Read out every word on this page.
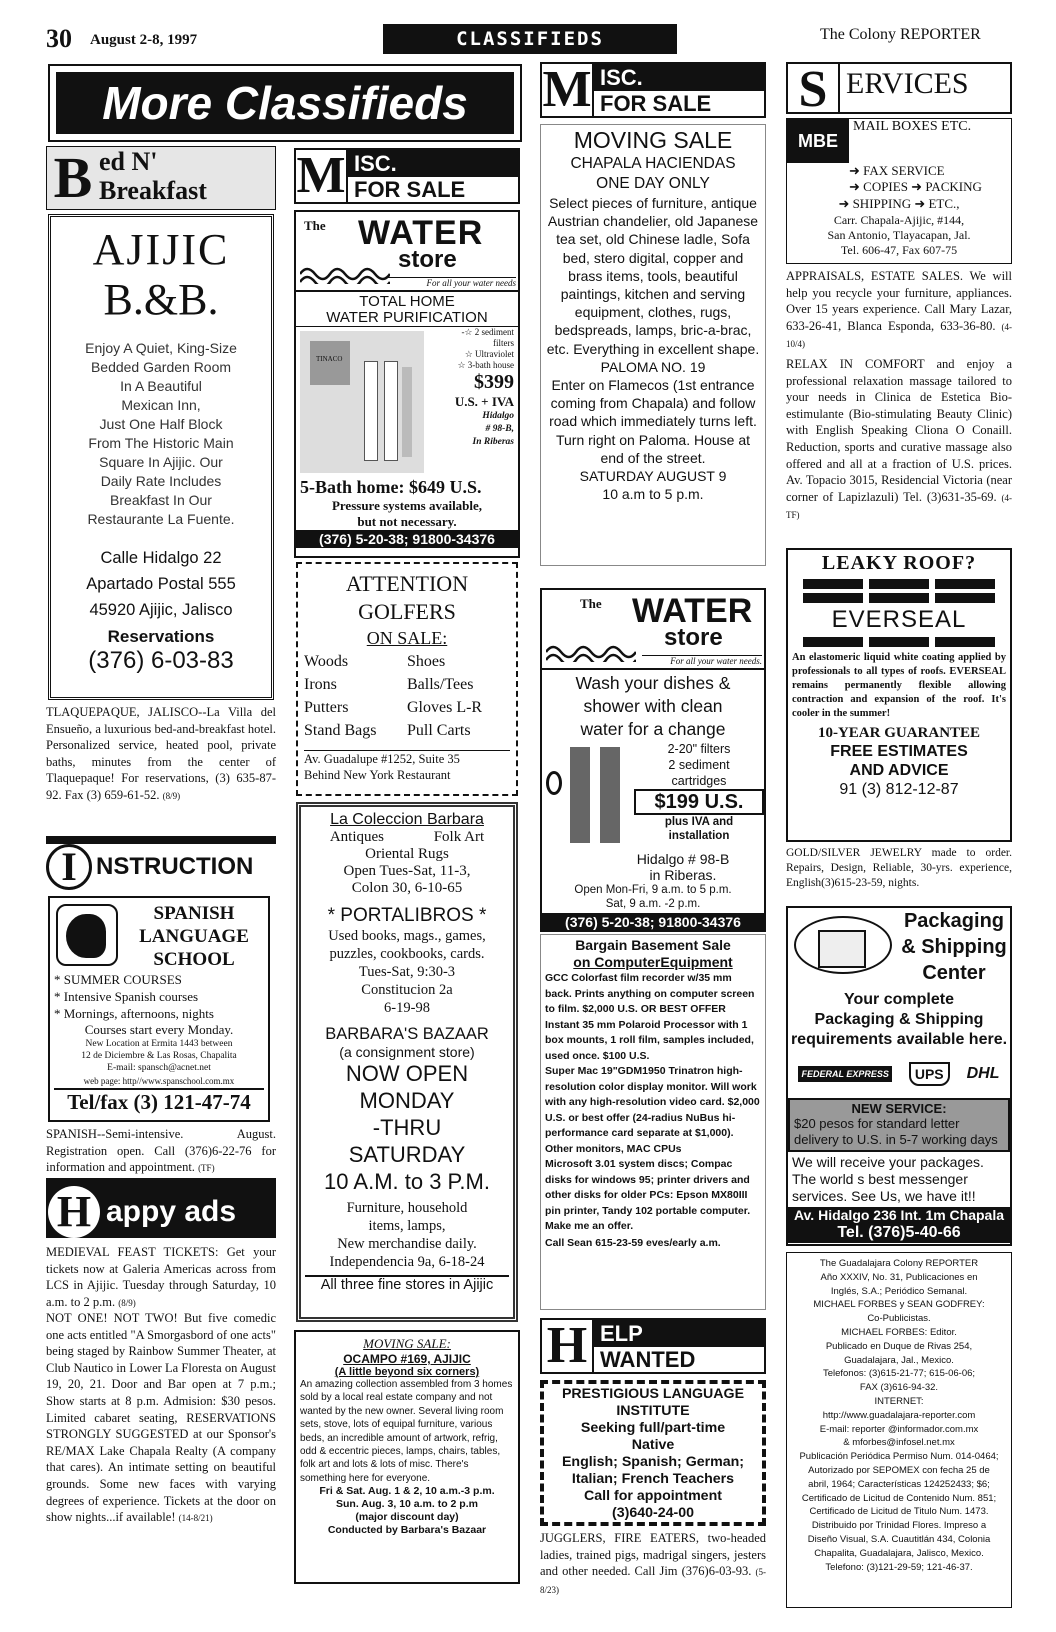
30 August 2-8, 1997	CLASSIFIEDS	The Colony REPORTER
More Classifieds
B ed N'
Breakfast
AJIJIC
B.&B.
Enjoy A Quiet, King-Size
Bedded Garden Room
In A Beautiful
Mexican Inn,
Just One Half Block
From The Historic Main
Square In Ajijic. Our
Daily Rate Includes
Breakfast In Our
Restaurante La Fuente.
Calle Hidalgo 22
Apartado Postal 555
45920 Ajijic, Jalisco
Reservations
(376) 6-03-83
TLAQUEPAQUE, JALISCO--La Villa del Ensueño, a luxurious bed-and-breakfast hotel. Personalized service, heated pool, private baths, minutes from the center of Tlaquepaque! For reservations, (3) 635-87-92. Fax (3) 659-61-52. (8/9)
I NSTRUCTION
SPANISH
LANGUAGE
SCHOOL
* SUMMER COURSES
* Intensive Spanish courses
* Mornings, afternoons, nights
Courses start every Monday.
New Location at Ermita 1443 between
12 de Diciembre & Las Rosas, Chapalita
E-mail: spansch@acnet.net
web page: http//www.spanschool.com.mx
Tel/fax (3) 121-47-74
SPANISH--Semi-intensive. August. Registration open. Call (376)6-22-76 for information and appointment. (TF)
H appy ads
MEDIEVAL FEAST TICKETS: Get your tickets now at Galeria Americas across from LCS in Ajijic. Tuesday through Saturday, 10 a.m. to 2 p.m. (8/9)
NOT ONE! NOT TWO! But five comedic one acts entitled "A Smorgasbord of one acts" being staged by Rainbow Summer Theater, at Club Nautico in Lower La Floresta on August 19, 20, 21. Door and Bar open at 7 p.m.; Show starts at 8 p.m. Admision: $30 pesos. Limited cabaret seating, RESERVATIONS STRONGLY SUGGESTED at our Sponsor's RE/MAX Lake Chapala Realty (A company that cares). An intimate setting on beautiful grounds. Some new faces with varying degrees of experience. Tickets at the door on show nights...if available! (14-8/21)
M ISC.
FOR SALE
The WATER
store
For all your water needs
TOTAL HOME
WATER PURIFICATION
TINACO
-☆ 2 sediment
filters
☆ Ultraviolet
☆ 3-bath house
$399
U.S. + IVA
Hidalgo
# 98-B,
In Riberas
5-Bath home: $649 U.S.
Pressure systems available,
but not necessary.
(376) 5-20-38; 91800-34376
ATTENTION
GOLFERS
ON SALE:
Woods	Shoes
Irons	Balls/Tees
Putters	Gloves L-R
Stand Bags	Pull Carts
Av. Guadalupe #1252, Suite 35
Behind New York Restaurant
La Coleccion Barbara
Antiques	Folk Art
Oriental Rugs
Open Tues-Sat, 11-3,
Colon 30, 6-10-65
* PORTALIBROS *
Used books, mags., games,
puzzles, cookbooks, cards.
Tues-Sat, 9:30-3
Constitucion 2a
6-19-98
BARBARA'S BAZAAR
(a consignment store)
NOW OPEN
MONDAY
-THRU
SATURDAY
10 A.M. to 3 P.M.
Furniture, household
items, lamps,
New merchandise daily.
Independencia 9a, 6-18-24
All three fine stores in Ajijic
MOVING SALE:
OCAMPO #169, AJIJIC
(A little beyond six corners)
An amazing collection assembled from 3 homes sold by a local real estate company and not wanted by the new owner. Several living room sets, stove, lots of equipal furniture, various beds, an incredible amount of artwork, refrig, odd & eccentric pieces, lamps, chairs, tables, folk art and lots & lots of misc. There's something here for everyone.
Fri & Sat. Aug. 1 & 2, 10 a.m.-3 p.m.
Sun. Aug. 3, 10 a.m. to 2 p.m
(major discount day)
Conducted by Barbara's Bazaar
M ISC.
FOR SALE
MOVING SALE
CHAPALA HACIENDAS
ONE DAY ONLY
Select pieces of furniture, antique Austrian chandelier, old Japanese tea set, old Chinese ladle, Sofa bed, stero digital, copper and brass items, tools, beautiful paintings, kitchen and serving equipment, clothes, rugs, bedspreads, lamps, bric-a-brac, etc. Everything in excellent shape.
PALOMA NO. 19
Enter on Flamecos (1st entrance coming from Chapala) and follow road which immediately turns left. Turn right on Paloma. House at end of the street.
SATURDAY AUGUST 9
10 a.m to 5 p.m.
The WATER
store
For all your water needs.
Wash your dishes &
shower with clean
water for a change
2-20" filters
2 sediment
cartridges
$199 U.S.
plus IVA and
installation
Hidalgo # 98-B
in Riberas.
Open Mon-Fri, 9 a.m. to 5 p.m.
Sat, 9 a.m. -2 p.m.
(376) 5-20-38; 91800-34376
Bargain Basement Sale
on ComputerEquipment
GCC Colorfast film recorder w/35 mm back. Prints anything on computer screen to film. $2,000 U.S. OR BEST OFFER
Instant 35 mm Polaroid Processor with 1 box mounts, 1 roll film, samples included, used once. $100 U.S.
Super Mac 19"GDM1950 Trinatron high-resolution color display monitor. Will work with any high-resolution video card. $2,000 U.S. or best offer (24-radius NuBus hi-performance card separate at $1,000).
Other monitors, MAC CPUs
Microsoft 3.01 system discs; Compac disks for windows 95; printer drivers and other disks for older PCs: Epson MX80III pin printer, Tandy 102 portable computer. Make me an offer.
Call Sean 615-23-59 eves/early a.m.
H ELP
WANTED
PRESTIGIOUS LANGUAGE
INSTITUTE
Seeking full/part-time
Native
English; Spanish; German;
Italian; French Teachers
Call for appointment
(3)640-24-00
JUGGLERS, FIRE EATERS, two-headed ladies, trained pigs, madrigal singers, jesters and other needed. Call Jim (376)6-03-93. (5-8/23)
S ERVICES
MBE
MAIL BOXES ETC.
➜ FAX SERVICE
➜ COPIES ➜ PACKING
➜ SHIPPING ➜ ETC.,
Carr. Chapala-Ajijic, #144,
San Antonio, Tlayacapan, Jal.
Tel. 606-47, Fax 607-75
APPRAISALS, ESTATE SALES. We will help you recycle your furniture, appliances. Over 15 years experience. Call Mary Lazar, 633-26-41, Blanca Esponda, 633-36-80. (4-10/4)
RELAX IN COMFORT and enjoy a professional relaxation massage tailored to your needs in Clinica de Estetica Bio-estimulante (Bio-stimulating Beauty Clinic) with English Speaking Cliona O Conaill. Reduction, sports and curative massage also offered and all at a fraction of U.S. prices. Av. Topacio 3015, Residencial Victoria (near corner of Lapizlazuli) Tel. (3)631-35-69. (4-TF)
LEAKY ROOF?
EVERSEAL
An elastomeric liquid white coating applied by professionals to all types of roofs. EVERSEAL remains permanently flexible allowing contraction and expansion of the roof. It's cooler in the summer!
10-YEAR GUARANTEE
FREE ESTIMATES
AND ADVICE
91 (3) 812-12-87
GOLD/SILVER JEWELRY made to order. Repairs, Design, Reliable, 30-yrs. experience, English(3)615-23-59, nights.
Packaging
& Shipping
Center
Your complete
Packaging & Shipping
requirements available here.
FEDERAL EXPRESS	UPS	DHL
NEW SERVICE:
$20 pesos for standard letter delivery to U.S. in 5-7 working days
We will receive your packages.
The world s best messenger
services. See Us, we have it!!
Av. Hidalgo 236 Int. 1m Chapala
Tel. (376)5-40-66
The Guadalajara Colony REPORTER
Año XXXIV, No. 31, Publicaciones en
Inglés, S.A.; Periódico Semanal.
MICHAEL FORBES y SEAN GODFREY:
Co-Publicistas.
MICHAEL FORBES: Editor.
Publicado en Duque de Rivas 254,
Guadalajara, Jal., Mexico.
Telefonos: (3)615-21-77; 615-06-06;
FAX (3)616-94-32.
INTERNET:
http://www.guadalajara-reporter.com
E-mail: reporter @informador.com.mx
& mforbes@infosel.net.mx
Publicación Periódica Permiso Num. 014-0464;
Autorizado por SEPOMEX con fecha 25 de
abril, 1964; Características 124252433; $6;
Certificado de Licitud de Contenido Num. 851;
Certificado de Licitud de Titulo Num. 1473.
Distribuido por Trinidad Flores. Impreso a
Diseño Visual, S.A. Cuautitlán 434, Colonia
Chapalita, Guadalajara, Jalisco, Mexico.
Telefono: (3)121-29-59; 121-46-37.
